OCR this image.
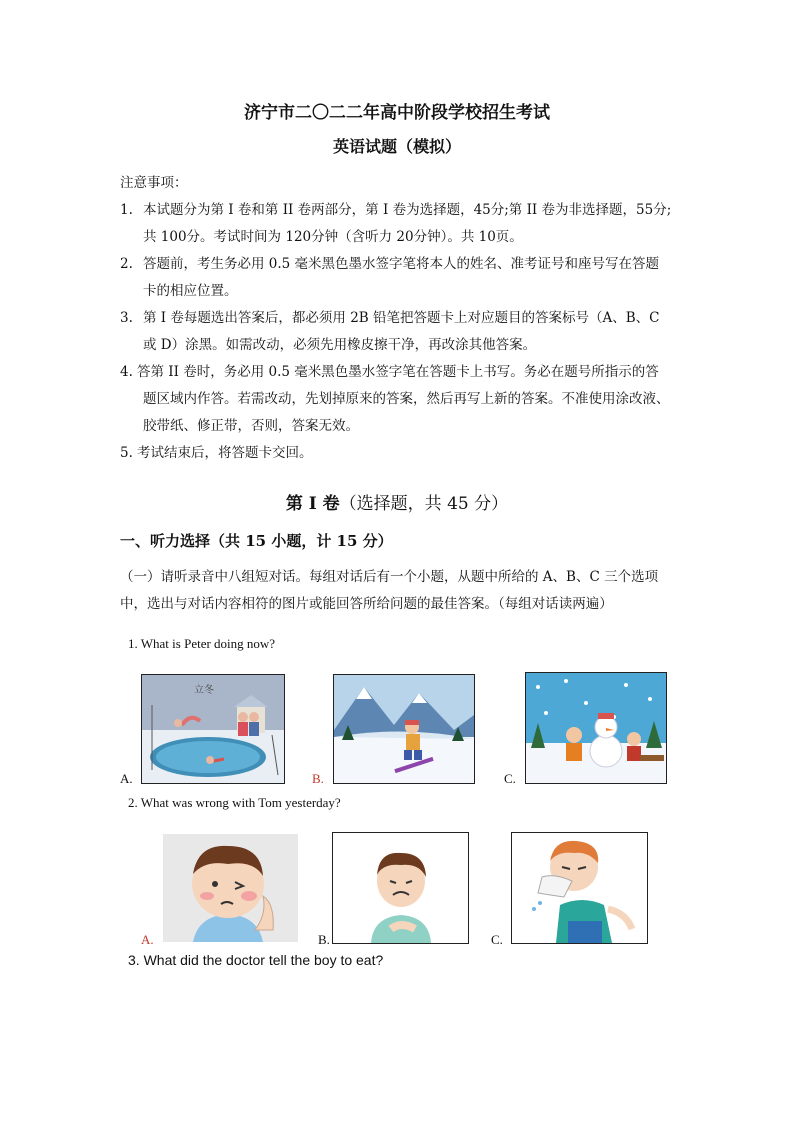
济宁市二〇二二年高中阶段学校招生考试
英语试题（模拟）
注意事项：
1. 本试题分为第 I 卷和第 II 卷两部分，第 I 卷为选择题，45分;第 II 卷为非选择题，55分;
共 100分。考试时间为 120分钟（含听力 20分钟）。共 10页。
2. 答题前，考生务必用 0.5 毫米黑色墨水签字笔将本人的姓名、准考证号和座号写在答题
卡的相应位置。
3. 第 I 卷每题选出答案后，都必须用 2B 铅笔把答题卡上对应题目的答案标号（A、B、C
或 D）涂黑。如需改动，必须先用橡皮擦干净，再改涂其他答案。
4. 答第 II 卷时，务必用 0.5 毫米黑色墨水签字笔在答题卡上书写。务必在题号所指示的答
题区域内作答。若需改动，先划掉原来的答案，然后再写上新的答案。不准使用涂改液、
胶带纸、修正带，否则，答案无效。
5. 考试结束后，将答题卡交回。
第 I 卷（选择题，共 45 分）
一、听力选择（共 15 小题，计 15 分）
（一）请听录音中八组短对话。每组对话后有一个小题，从题中所给的 A、B、C 三个选项
中，选出与对话内容相符的图片或能回答所给问题的最佳答案。（每组对话读两遍）
1. What is Peter doing now?
A.
立冬
B.	C.
2. What was wrong with Tom yesterday?
A.	B.	C.
3. What did the doctor tell the boy to eat?
